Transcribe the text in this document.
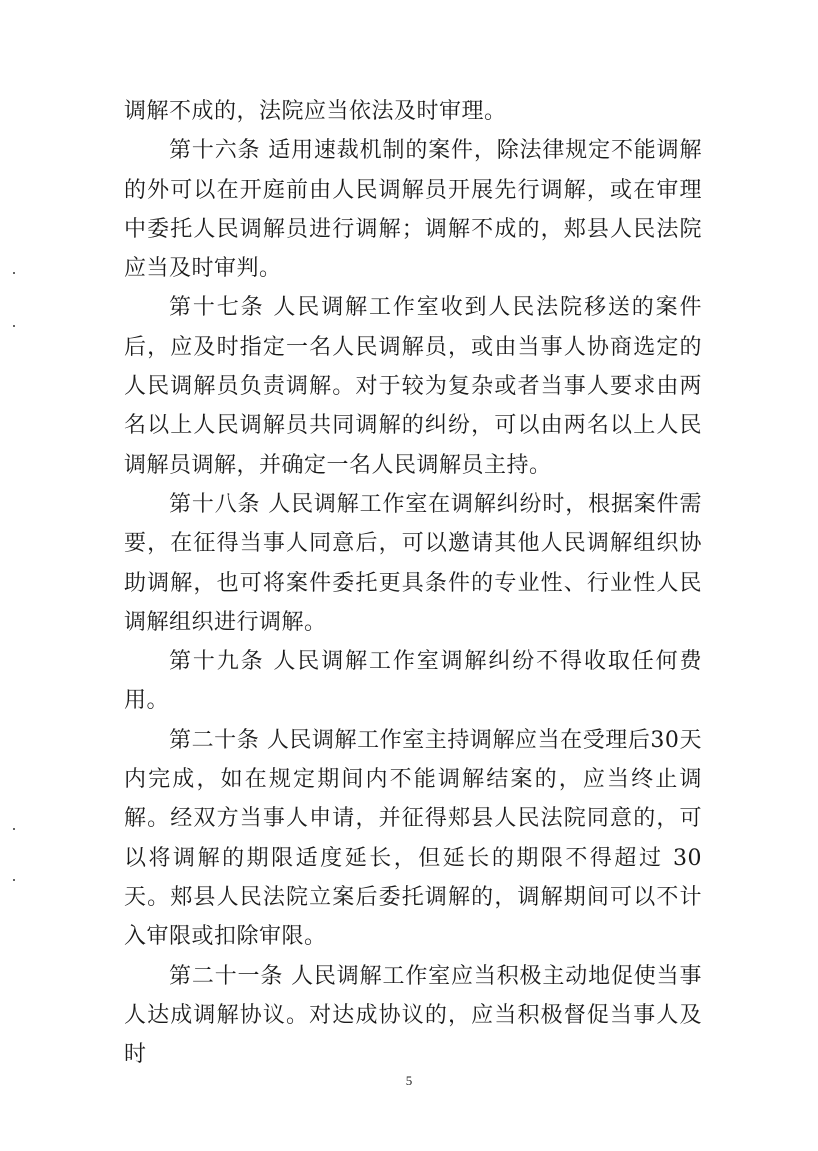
调解不成的，法院应当依法及时审理。

第十六条 适用速裁机制的案件，除法律规定不能调解的外可以在开庭前由人民调解员开展先行调解，或在审理中委托人民调解员进行调解；调解不成的，郏县人民法院应当及时审判。

第十七条 人民调解工作室收到人民法院移送的案件后，应及时指定一名人民调解员，或由当事人协商选定的人民调解员负责调解。对于较为复杂或者当事人要求由两名以上人民调解员共同调解的纠纷，可以由两名以上人民调解员调解，并确定一名人民调解员主持。

第十八条 人民调解工作室在调解纠纷时，根据案件需要，在征得当事人同意后，可以邀请其他人民调解组织协助调解，也可将案件委托更具条件的专业性、行业性人民调解组织进行调解。

第十九条 人民调解工作室调解纠纷不得收取任何费用。

第二十条 人民调解工作室主持调解应当在受理后30天内完成，如在规定期间内不能调解结案的，应当终止调解。经双方当事人申请，并征得郏县人民法院同意的，可以将调解的期限适度延长，但延长的期限不得超过 30 天。郏县人民法院立案后委托调解的，调解期间可以不计入审限或扣除审限。

第二十一条 人民调解工作室应当积极主动地促使当事人达成调解协议。对达成协议的，应当积极督促当事人及时

5
